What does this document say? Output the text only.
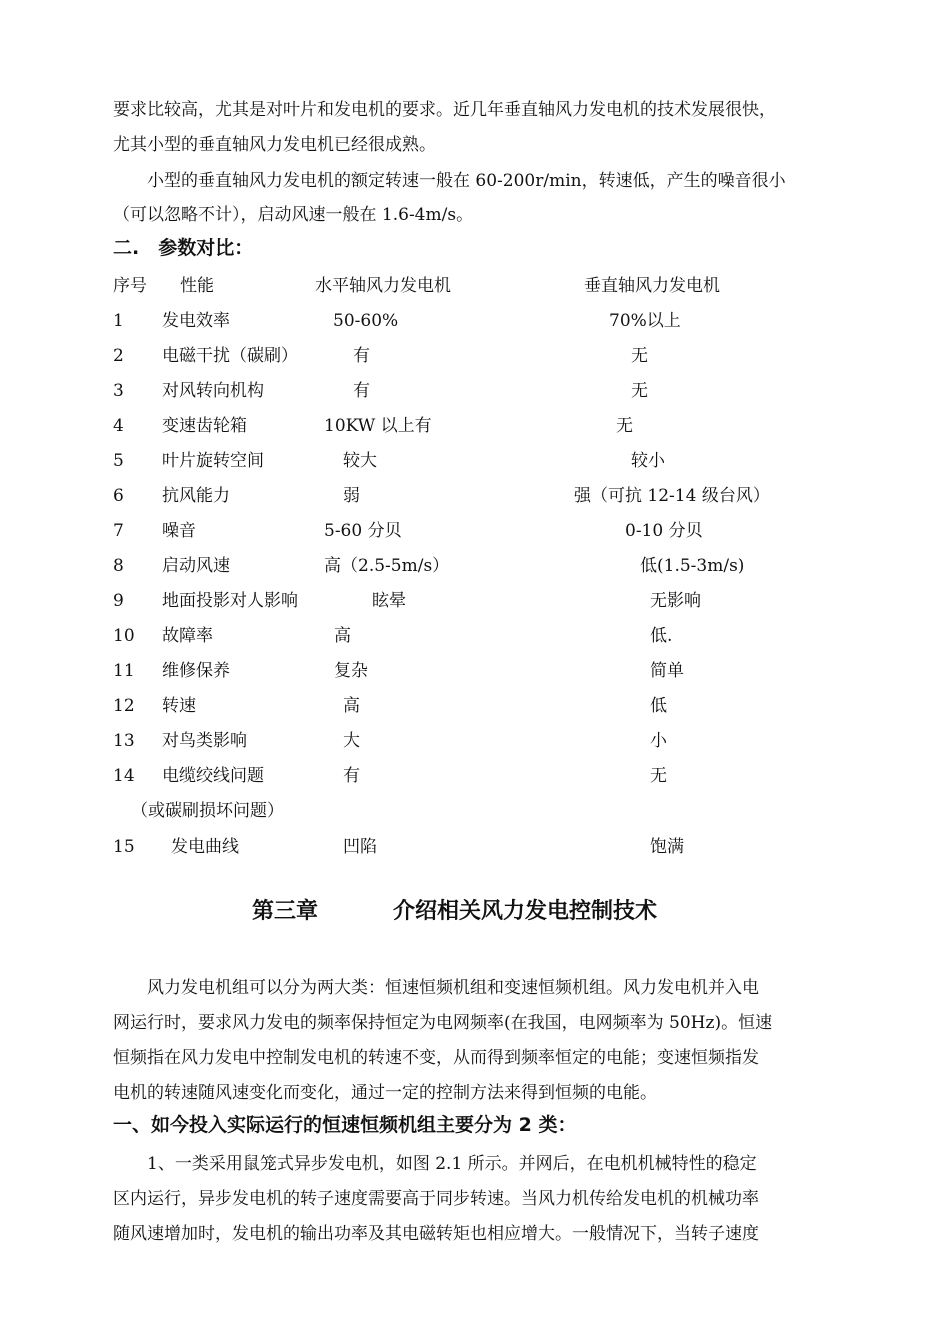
要求比较高，尤其是对叶片和发电机的要求。近几年垂直轴风力发电机的技术发展很快，
尤其小型的垂直轴风力发电机已经很成熟。
　　小型的垂直轴风力发电机的额定转速一般在 60-200r/min，转速低，产生的噪音很小
（可以忽略不计），启动风速一般在 1.6-4m/s。
二.　参数对比：
序号 性能	水平轴风力发电机	垂直轴风力发电机
1 发电效率	50-60%	70%以上
2 电磁干扰（碳刷）	有	无
3 对风转向机构	有	无
4 变速齿轮箱	10KW 以上有	无
5 叶片旋转空间	较大	较小
6 抗风能力	弱	强（可抗 12-14 级台风）
7 噪音	5-60 分贝	0-10 分贝
8 启动风速	高（2.5-5m/s）	低(1.5-3m/s)
9 地面投影对人影响	眩晕	无影响
10 故障率	高	低.
11 维修保养	复杂	简单
12 转速	高	低
13 对鸟类影响	大	小
14 电缆绞线问题	有	无
（或碳刷损坏问题）
15 发电曲线	凹陷	饱满
第三章	介绍相关风力发电控制技术
　　风力发电机组可以分为两大类：恒速恒频机组和变速恒频机组。风力发电机并入电
网运行时，要求风力发电的频率保持恒定为电网频率(在我国，电网频率为 50Hz)。恒速
恒频指在风力发电中控制发电机的转速不变，从而得到频率恒定的电能；变速恒频指发
电机的转速随风速变化而变化，通过一定的控制方法来得到恒频的电能。
一、如今投入实际运行的恒速恒频机组主要分为 2 类：
　　1、一类采用鼠笼式异步发电机，如图 2.1 所示。并网后，在电机机械特性的稳定
区内运行，异步发电机的转子速度需要高于同步转速。当风力机传给发电机的机械功率
随风速增加时，发电机的输出功率及其电磁转矩也相应增大。一般情况下，当转子速度
